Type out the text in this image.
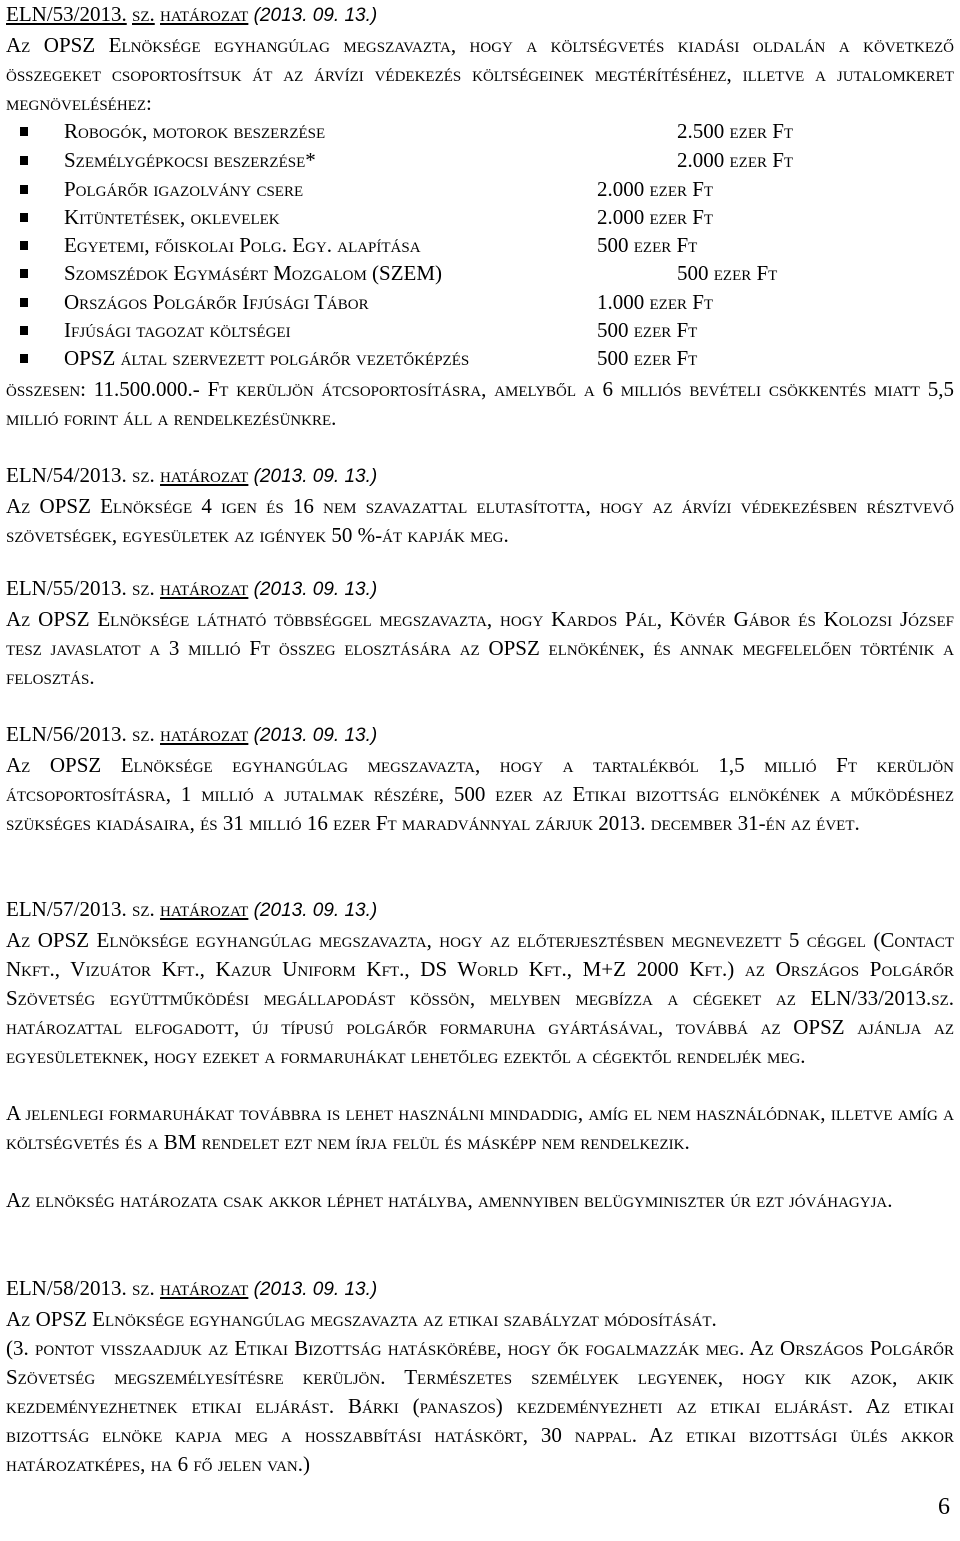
ELN/53/2013. sz. határozat (2013. 09. 13.)
Az OPSZ Elnöksége egyhangúlag megszavazta, hogy a költségvetés kiadási oldalán a következő összegeket csoportosítsuk át az árvízi védekezés költségeinek megtérítéséhez, illetve a jutalomkeret megnöveléséhez:
Robogók, motorok beszerzése	2.500 ezer Ft
Személygépkocsi beszerzése*	2.000 ezer Ft
Polgárőr igazolvány csere	2.000 ezer Ft
Kitüntetések, oklevelek	2.000 ezer Ft
Egyetemi, főiskolai Polg. Egy. alapítása	500 ezer Ft
Szomszédok Egymásért Mozgalom (SZEM)	500 ezer Ft
Országos Polgárőr Ifjúsági Tábor	1.000 ezer Ft
Ifjúsági tagozat költségei	500 ezer Ft
OPSZ által szervezett polgárőr vezetőképzés	500 ezer Ft
összesen: 11.500.000.- Ft kerüljön átcsoportosításra, amelyből a 6 milliós bevételi csökkentés miatt 5,5 millió forint áll a rendelkezésünkre.
ELN/54/2013. sz. határozat (2013. 09. 13.)
Az OPSZ Elnöksége 4 igen és 16 nem szavazattal elutasította, hogy az árvízi védekezésben résztvevő szövetségek, egyesületek az igények 50 %-át kapják meg.
ELN/55/2013. sz. határozat (2013. 09. 13.)
Az OPSZ Elnöksége látható többséggel megszavazta, hogy Kardos Pál, Kövér Gábor és Kolozsi József tesz javaslatot a 3 millió Ft összeg elosztására az OPSZ elnökének, és annak megfelelően történik a felosztás.
ELN/56/2013. sz. határozat (2013. 09. 13.)
Az OPSZ Elnöksége egyhangúlag megszavazta, hogy a tartalékból 1,5 millió Ft kerüljön átcsoportosításra, 1 millió a jutalmak részére, 500 ezer az Etikai bizottság elnökének a működéshez szükséges kiadásaira, és 31 millió 16 ezer Ft maradvánnyal zárjuk 2013. december 31-én az évet.
ELN/57/2013. sz. határozat (2013. 09. 13.)
Az OPSZ Elnöksége egyhangúlag megszavazta, hogy az előterjesztésben megnevezett 5 céggel (Contact Nkft., Vizuátor Kft., Kazur Uniform Kft., DS World Kft., M+Z 2000 Kft.) az Országos Polgárőr Szövetség együttműködési megállapodást kössön, melyben megbízza a cégeket az ELN/33/2013.sz. határozattal elfogadott, új típusú polgárőr formaruha gyártásával, továbbá az OPSZ ajánlja az egyesületeknek, hogy ezeket a formaruhákat lehetőleg ezektől a cégektől rendeljék meg.
A jelenlegi formaruhákat továbbra is lehet használni mindaddig, amíg el nem használódnak, illetve amíg a költségvetés és a BM rendelet ezt nem írja felül és másképp nem rendelkezik.
Az elnökség határozata csak akkor léphet hatályba, amennyiben belügyminiszter úr ezt jóváhagyja.
ELN/58/2013. sz. határozat (2013. 09. 13.)
Az OPSZ Elnöksége egyhangúlag megszavazta az etikai szabályzat módosítását.
(3. pontot visszaadjuk az Etikai Bizottság hatáskörébe, hogy ők fogalmazzák meg. Az Országos Polgárőr Szövetség megszemélyesítésre kerüljön. Természetes személyek legyenek, hogy kik azok, akik kezdeményezhetnek etikai eljárást. Bárki (panaszos) kezdeményezheti az etikai eljárást. Az etikai bizottság elnöke kapja meg a hosszabbítási hatáskört, 30 nappal. Az etikai bizottsági ülés akkor határozatképes, ha 6 fő jelen van.)
6
